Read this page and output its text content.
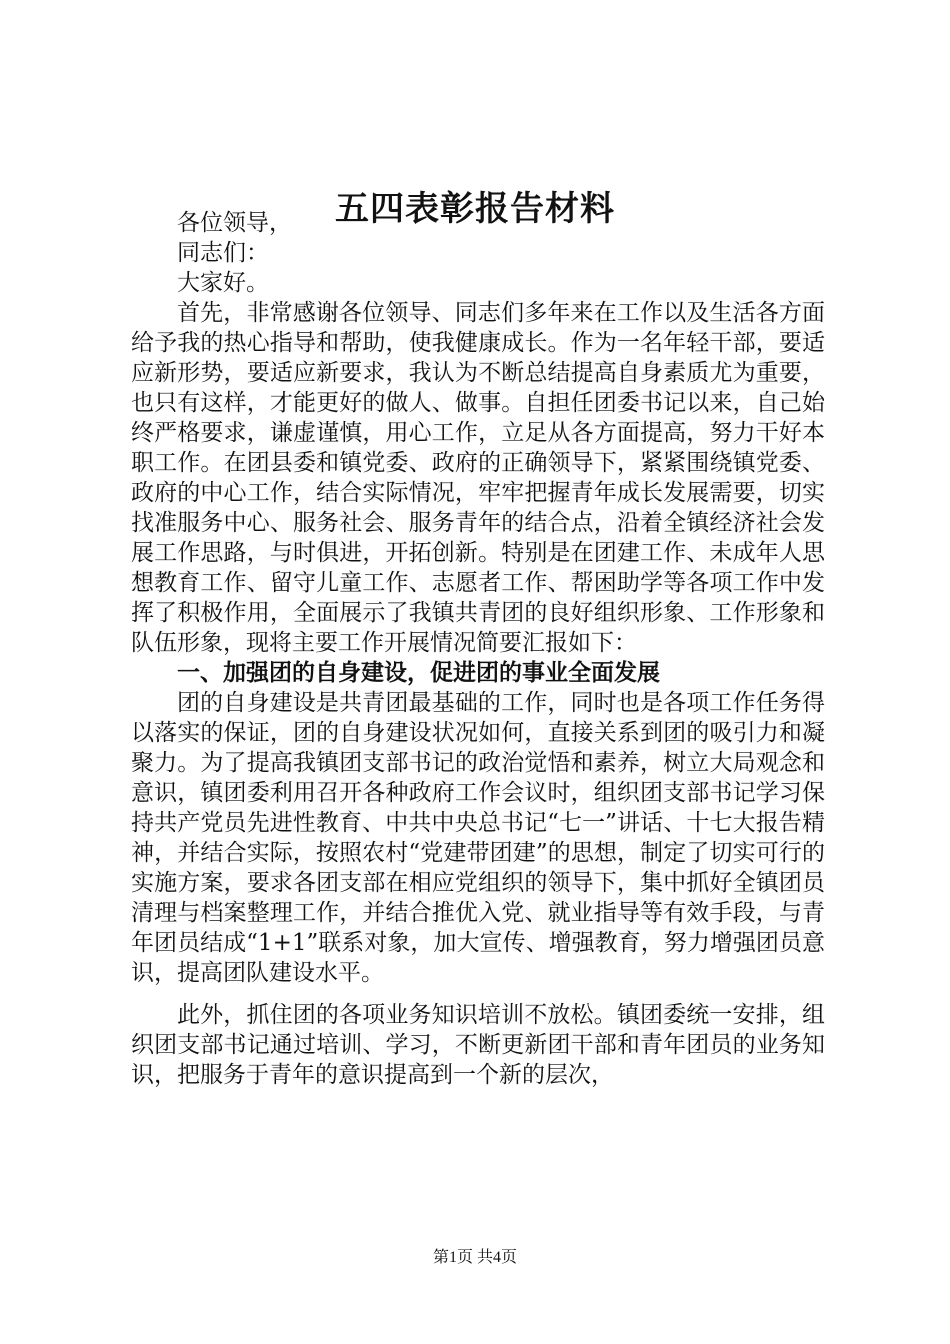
五四表彰报告材料

各位领导，

同志们：

大家好。

首先，非常感谢各位领导、同志们多年来在工作以及生活各方面给予我的热心指导和帮助，使我健康成长。作为一名年轻干部，要适应新形势，要适应新要求，我认为不断总结提高自身素质尤为重要，也只有这样，才能更好的做人、做事。自担任团委书记以来，自己始终严格要求，谦虚谨慎，用心工作，立足从各方面提高，努力干好本职工作。在团县委和镇党委、政府的正确领导下，紧紧围绕镇党委、政府的中心工作，结合实际情况，牢牢把握青年成长发展需要，切实找准服务中心、服务社会、服务青年的结合点，沿着全镇经济社会发展工作思路，与时俱进，开拓创新。特别是在团建工作、未成年人思想教育工作、留守儿童工作、志愿者工作、帮困助学等各项工作中发挥了积极作用，全面展示了我镇共青团的良好组织形象、工作形象和队伍形象，现将主要工作开展情况简要汇报如下：

一、加强团的自身建设，促进团的事业全面发展

团的自身建设是共青团最基础的工作，同时也是各项工作任务得以落实的保证，团的自身建设状况如何，直接关系到团的吸引力和凝聚力。为了提高我镇团支部书记的政治觉悟和素养，树立大局观念和意识，镇团委利用召开各种政府工作会议时，组织团支部书记学习保持共产党员先进性教育、中共中央总书记“七一”讲话、十七大报告精神，并结合实际，按照农村“党建带团建”的思想，制定了切实可行的实施方案，要求各团支部在相应党组织的领导下，集中抓好全镇团员清理与档案整理工作，并结合推优入党、就业指导等有效手段，与青年团员结成“1+1”联系对象，加大宣传、增强教育，努力增强团员意识，提高团队建设水平。

此外，抓住团的各项业务知识培训不放松。镇团委统一安排，组织团支部书记通过培训、学习，不断更新团干部和青年团员的业务知识，把服务于青年的意识提高到一个新的层次，

第1页 共4页
